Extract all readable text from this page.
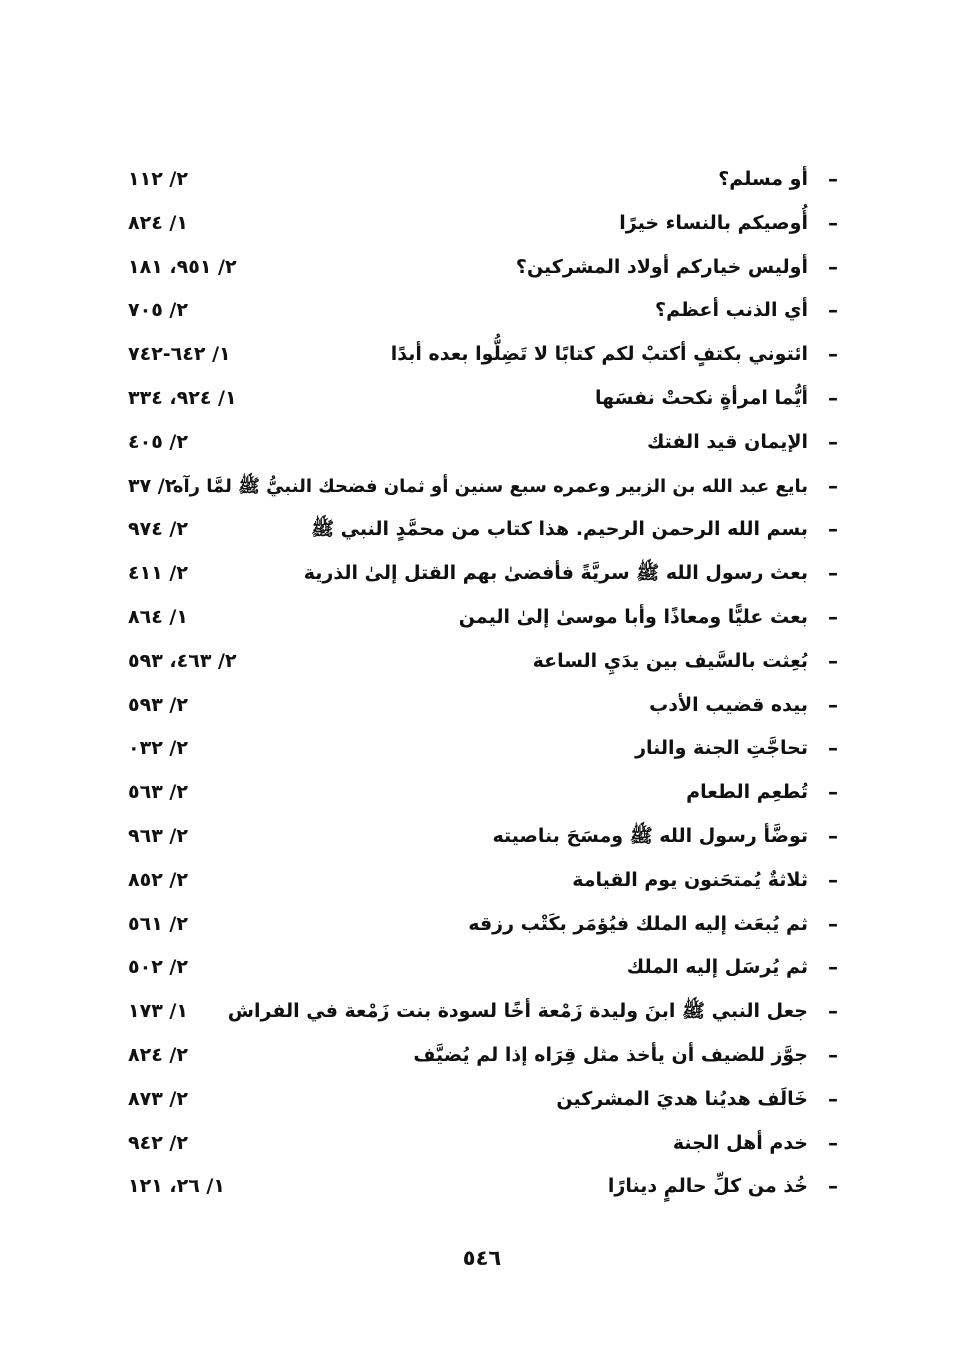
–
أو مسلم؟
٢/ ٢١١
–
أُوصيكم بالنساء خيرًا
١/ ٤٢٨
–
أوليس خياركم أولاد المشركين؟
٢/ ١٥٩، ١٨١
–
أي الذنب أعظم؟
٢/ ٥٠٧
–
ائتوني بكتفٍ أكتبْ لكم كتابًا لا تَضِلُّوا بعده أبدًا
١/ ٢٤٦-٢٤٧
–
أيُّما امرأةٍ نكحتْ نفسَها
١/ ٤٢٩، ٤٣٣
–
الإيمان قيد الفتك
٢/ ٥٠٤
–
بايع عبد الله بن الزبير وعمره سبع سنين أو ثمان فضحك النبيُّ ﷺ لمَّا رآه
٢/ ٧٣
–
بسم الله الرحمن الرحيم. هذا كتاب من محمَّدٍ النبي ﷺ
٢/ ٤٧٩
–
بعث رسول الله ﷺ سريَّةً فأفضىٰ بهم القتل إلىٰ الذرية
٢/ ١١٤
–
بعث عليًّا ومعاذًا وأبا موسىٰ إلىٰ اليمن
١/ ٤٦٨
–
بُعِثت بالسَّيف بين يدَيِ الساعة
٢/ ٣٦٤، ٣٩٥
–
بيده قضيب الأدب
٢/ ٣٩٥
–
تحاجَّتِ الجنة والنار
٢/ ٢٣٠
–
تُطعِم الطعام
٢/ ٣٦٥
–
توضَّأ رسول الله ﷺ ومسَحَ بناصيته
٢/ ٣٦٩
–
ثلاثةٌ يُمتحَنون يوم القيامة
٢/ ٢٥٨
–
ثم يُبعَث إليه الملك فيُؤمَر بكَتْب رزقه
٢/ ١٦٥
–
ثم يُرسَل إليه الملك
٢/ ٢٠٥
–
جعل النبي ﷺ ابنَ وليدة زَمْعة أخًا لسودة بنت زَمْعة في الفراش
١/ ٣٧١
–
جوَّز للضيف أن يأخذ مثل قِرَاه إذا لم يُضيَّف
٢/ ٤٢٨
–
خَالَف هديُنا هديَ المشركين
٢/ ٣٧٨
–
خدم أهل الجنة
٢/ ٢٤٩
–
خُذ من كلِّ حالمٍ دينارًا
١/ ٦٢، ١٢١
٥٤٦
